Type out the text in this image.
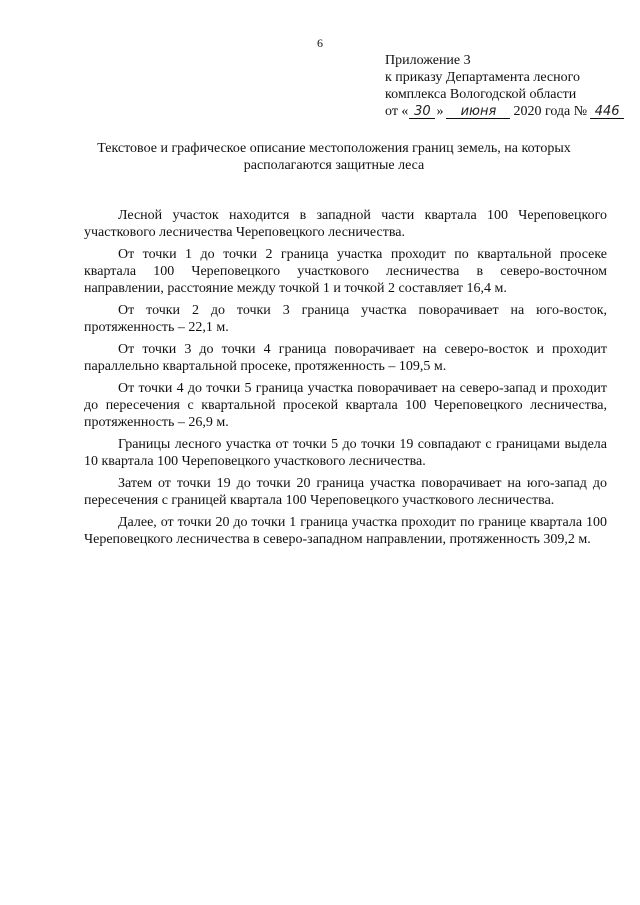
6
Приложение 3
к приказу Департамента лесного
комплекса Вологодской области
от « 30 » июня 2020 года № 446
Текстовое и графическое описание местоположения границ земель, на которых располагаются защитные леса

Лесной участок находится в западной части квартала 100 Череповецкого участкового лесничества Череповецкого лесничества.

От точки 1 до точки 2 граница участка проходит по квартальной просеке квартала 100 Череповецкого участкового лесничества в северо-восточном направлении, расстояние между точкой 1 и точкой 2 составляет 16,4 м.

От точки 2 до точки 3 граница участка поворачивает на юго-восток, протяженность – 22,1 м.

От точки 3 до точки 4 граница поворачивает на северо-восток и проходит параллельно квартальной просеке, протяженность – 109,5 м.

От точки 4 до точки 5 граница участка поворачивает на северо-запад и проходит до пересечения с квартальной просекой квартала 100 Череповецкого лесничества, протяженность – 26,9 м.

Границы лесного участка от точки 5 до точки 19 совпадают с границами выдела 10 квартала 100 Череповецкого участкового лесничества.

Затем от точки 19 до точки 20 граница участка поворачивает на юго-запад до пересечения с границей квартала 100 Череповецкого участкового лесничества.

Далее, от точки 20 до точки 1 граница участка проходит по границе квартала 100 Череповецкого лесничества в северо-западном направлении, протяженность 309,2 м.
